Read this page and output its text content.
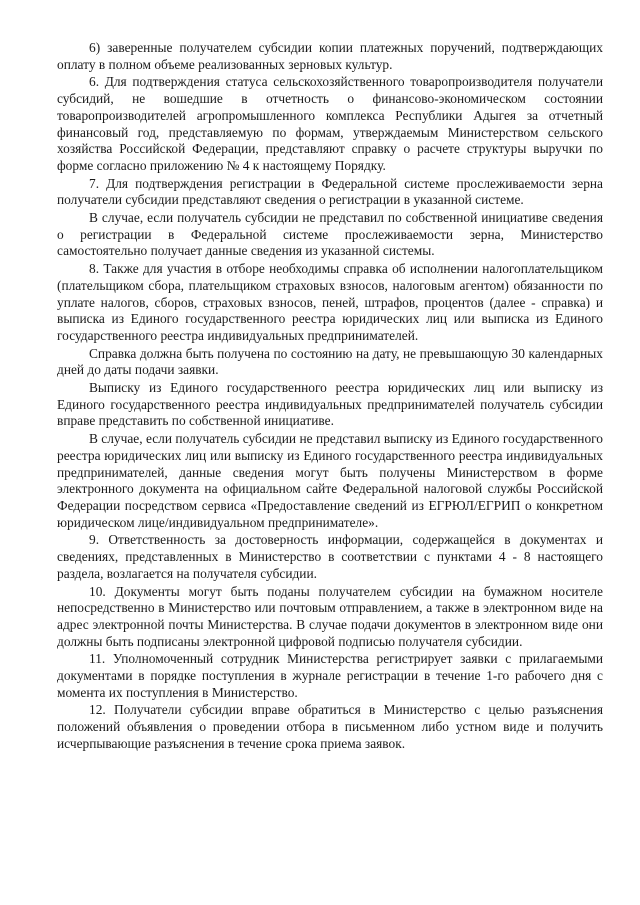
6) заверенные получателем субсидии копии платежных поручений, подтверждающих оплату в полном объеме реализованных зерновых культур.

6. Для подтверждения статуса сельскохозяйственного товаропроизводителя получатели субсидий, не вошедшие в отчетность о финансово-экономическом состоянии товаропроизводителей агропромышленного комплекса Республики Адыгея за отчетный финансовый год, представляемую по формам, утверждаемым Министерством сельского хозяйства Российской Федерации, представляют справку о расчете структуры выручки по форме согласно приложению № 4 к настоящему Порядку.

7. Для подтверждения регистрации в Федеральной системе прослеживаемости зерна получатели субсидии представляют сведения о регистрации в указанной системе.

В случае, если получатель субсидии не представил по собственной инициативе сведения о регистрации в Федеральной системе прослеживаемости зерна, Министерство самостоятельно получает данные сведения из указанной системы.

8. Также для участия в отборе необходимы справка об исполнении налогоплательщиком (плательщиком сбора, плательщиком страховых взносов, налоговым агентом) обязанности по уплате налогов, сборов, страховых взносов, пеней, штрафов, процентов (далее - справка) и выписка из Единого государственного реестра юридических лиц или выписка из Единого государственного реестра индивидуальных предпринимателей.

Справка должна быть получена по состоянию на дату, не превышающую 30 календарных дней до даты подачи заявки.

Выписку из Единого государственного реестра юридических лиц или выписку из Единого государственного реестра индивидуальных предпринимателей получатель субсидии вправе представить по собственной инициативе.

В случае, если получатель субсидии не представил выписку из Единого государственного реестра юридических лиц или выписку из Единого государственного реестра индивидуальных предпринимателей, данные сведения могут быть получены Министерством в форме электронного документа на официальном сайте Федеральной налоговой службы Российской Федерации посредством сервиса «Предоставление сведений из ЕГРЮЛ/ЕГРИП о конкретном юридическом лице/индивидуальном предпринимателе».

9. Ответственность за достоверность информации, содержащейся в документах и сведениях, представленных в Министерство в соответствии с пунктами 4 - 8 настоящего раздела, возлагается на получателя субсидии.

10. Документы могут быть поданы получателем субсидии на бумажном носителе непосредственно в Министерство или почтовым отправлением, а также в электронном виде на адрес электронной почты Министерства. В случае подачи документов в электронном виде они должны быть подписаны электронной цифровой подписью получателя субсидии.

11. Уполномоченный сотрудник Министерства регистрирует заявки с прилагаемыми документами в порядке поступления в журнале регистрации в течение 1-го рабочего дня с момента их поступления в Министерство.

12. Получатели субсидии вправе обратиться в Министерство с целью разъяснения положений объявления о проведении отбора в письменном либо устном виде и получить исчерпывающие разъяснения в течение срока приема заявок.
